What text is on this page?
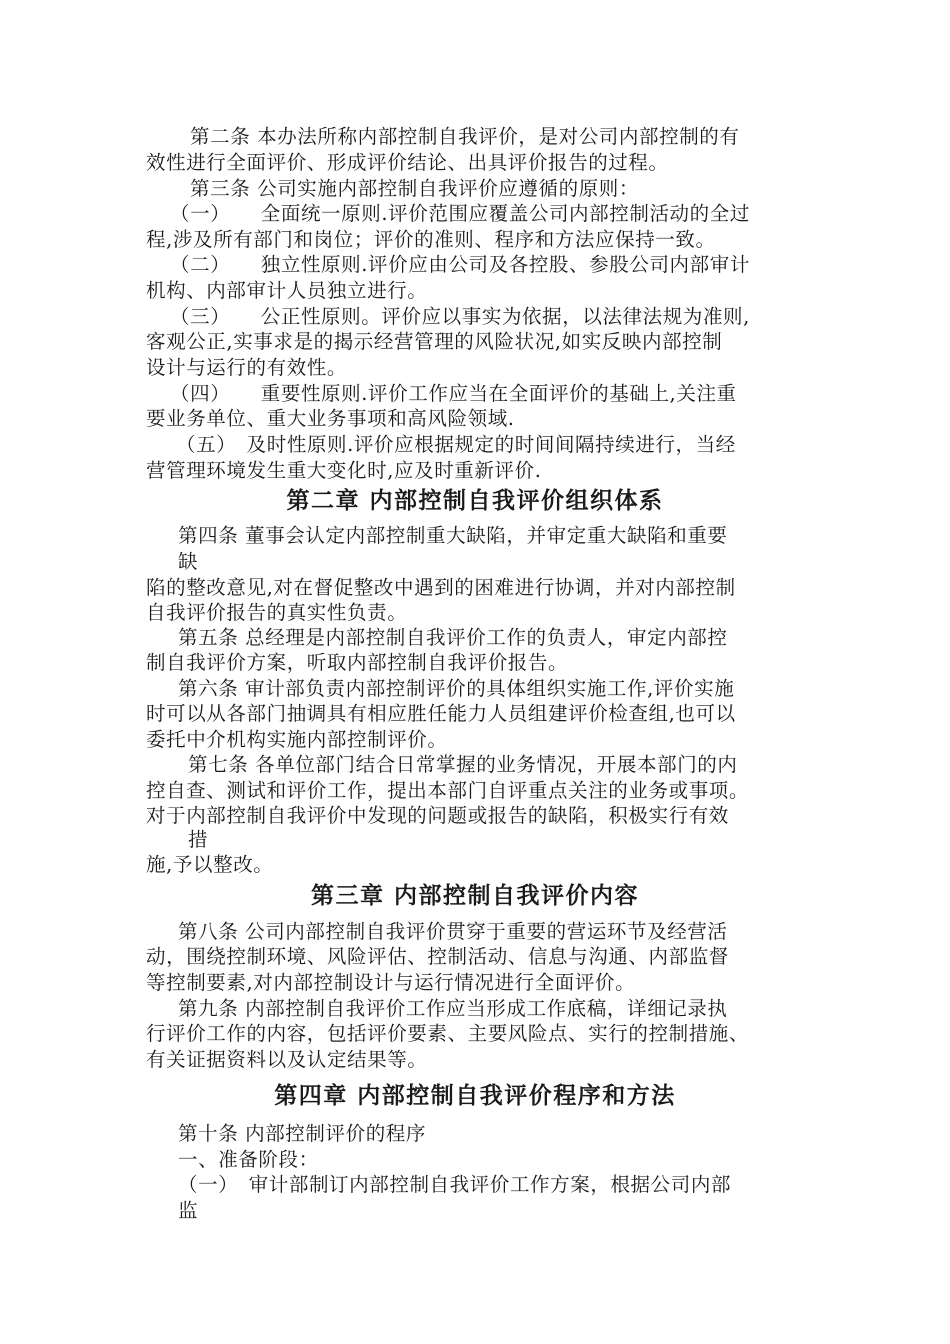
第二条 本办法所称内部控制自我评价，是对公司内部控制的有
效性进行全面评价、形成评价结论、出具评价报告的过程。
第三条 公司实施内部控制自我评价应遵循的原则：
（一）　　全面统一原则.评价范围应覆盖公司内部控制活动的全过
程,涉及所有部门和岗位；评价的准则、程序和方法应保持一致。
（二）　　独立性原则.评价应由公司及各控股、参股公司内部审计
机构、内部审计人员独立进行。
（三）　　公正性原则。评价应以事实为依据，以法律法规为准则,
客观公正,实事求是的揭示经营管理的风险状况,如实反映内部控制
设计与运行的有效性。
（四）　　重要性原则.评价工作应当在全面评价的基础上,关注重
要业务单位、重大业务事项和高风险领域.
（五）　及时性原则.评价应根据规定的时间间隔持续进行，当经
营管理环境发生重大变化时,应及时重新评价.
第二章 内部控制自我评价组织体系
第四条 董事会认定内部控制重大缺陷，并审定重大缺陷和重要
缺
陷的整改意见,对在督促整改中遇到的困难进行协调，并对内部控制
自我评价报告的真实性负责。
第五条 总经理是内部控制自我评价工作的负责人，审定内部控
制自我评价方案，听取内部控制自我评价报告。
第六条 审计部负责内部控制评价的具体组织实施工作,评价实施
时可以从各部门抽调具有相应胜任能力人员组建评价检查组,也可以
委托中介机构实施内部控制评价。
第七条 各单位部门结合日常掌握的业务情况，开展本部门的内
控自查、测试和评价工作，提出本部门自评重点关注的业务或事项。
对于内部控制自我评价中发现的问题或报告的缺陷，积极实行有效
措
施,予以整改。
第三章 内部控制自我评价内容
第八条 公司内部控制自我评价贯穿于重要的营运环节及经营活
动，围绕控制环境、风险评估、控制活动、信息与沟通、内部监督
等控制要素,对内部控制设计与运行情况进行全面评价。
第九条 内部控制自我评价工作应当形成工作底稿，详细记录执
行评价工作的内容，包括评价要素、主要风险点、实行的控制措施、
有关证据资料以及认定结果等。
第四章 内部控制自我评价程序和方法
第十条 内部控制评价的程序
一、准备阶段：
（一）　审计部制订内部控制自我评价工作方案，根据公司内部
监
